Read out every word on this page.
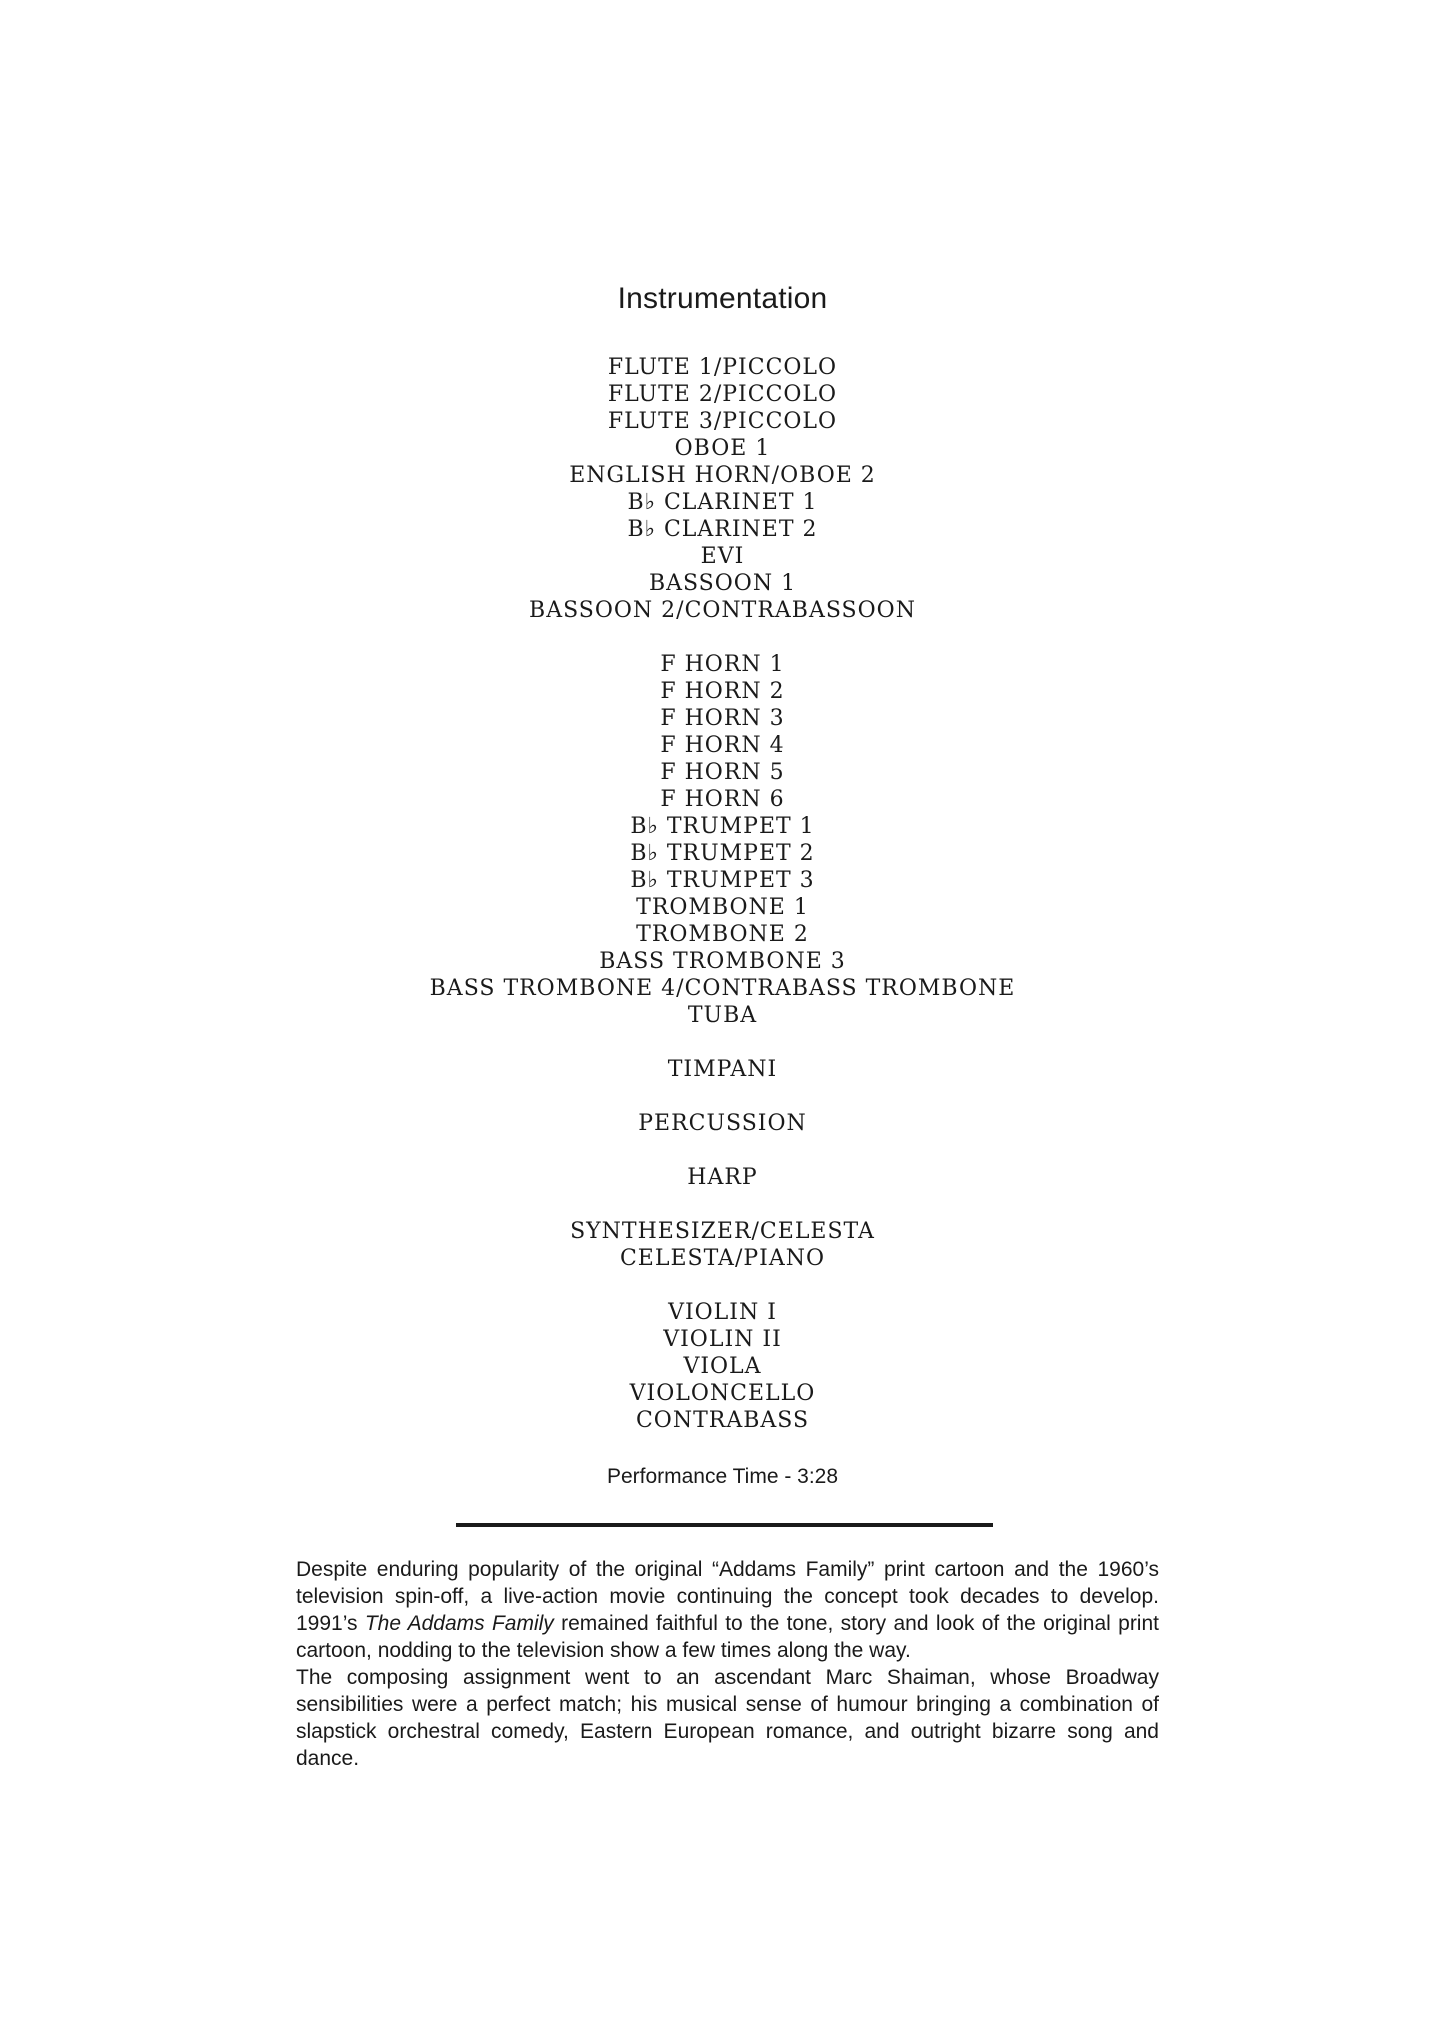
Instrumentation
FLUTE 1/PICCOLO
FLUTE 2/PICCOLO
FLUTE 3/PICCOLO
OBOE 1
ENGLISH HORN/OBOE 2
B♭ CLARINET 1
B♭ CLARINET 2
EVI
BASSOON 1
BASSOON 2/CONTRABASSOON
F HORN 1
F HORN 2
F HORN 3
F HORN 4
F HORN 5
F HORN 6
B♭ TRUMPET 1
B♭ TRUMPET 2
B♭ TRUMPET 3
TROMBONE 1
TROMBONE 2
BASS TROMBONE 3
BASS TROMBONE 4/CONTRABASS TROMBONE
TUBA
TIMPANI
PERCUSSION
HARP
SYNTHESIZER/CELESTA
CELESTA/PIANO
VIOLIN I
VIOLIN II
VIOLA
VIOLONCELLO
CONTRABASS

Performance Time - 3:28

Despite enduring popularity of the original “Addams Family” print cartoon and the 1960’s television spin-off, a live-action movie continuing the concept took decades to develop. 1991’s The Addams Family remained faithful to the tone, story and look of the original print cartoon, nodding to the television show a few times along the way.

The composing assignment went to an ascendant Marc Shaiman, whose Broadway sensibilities were a perfect match; his musical sense of humour bringing a combination of slapstick orchestral comedy, Eastern European romance, and outright bizarre song and dance.
